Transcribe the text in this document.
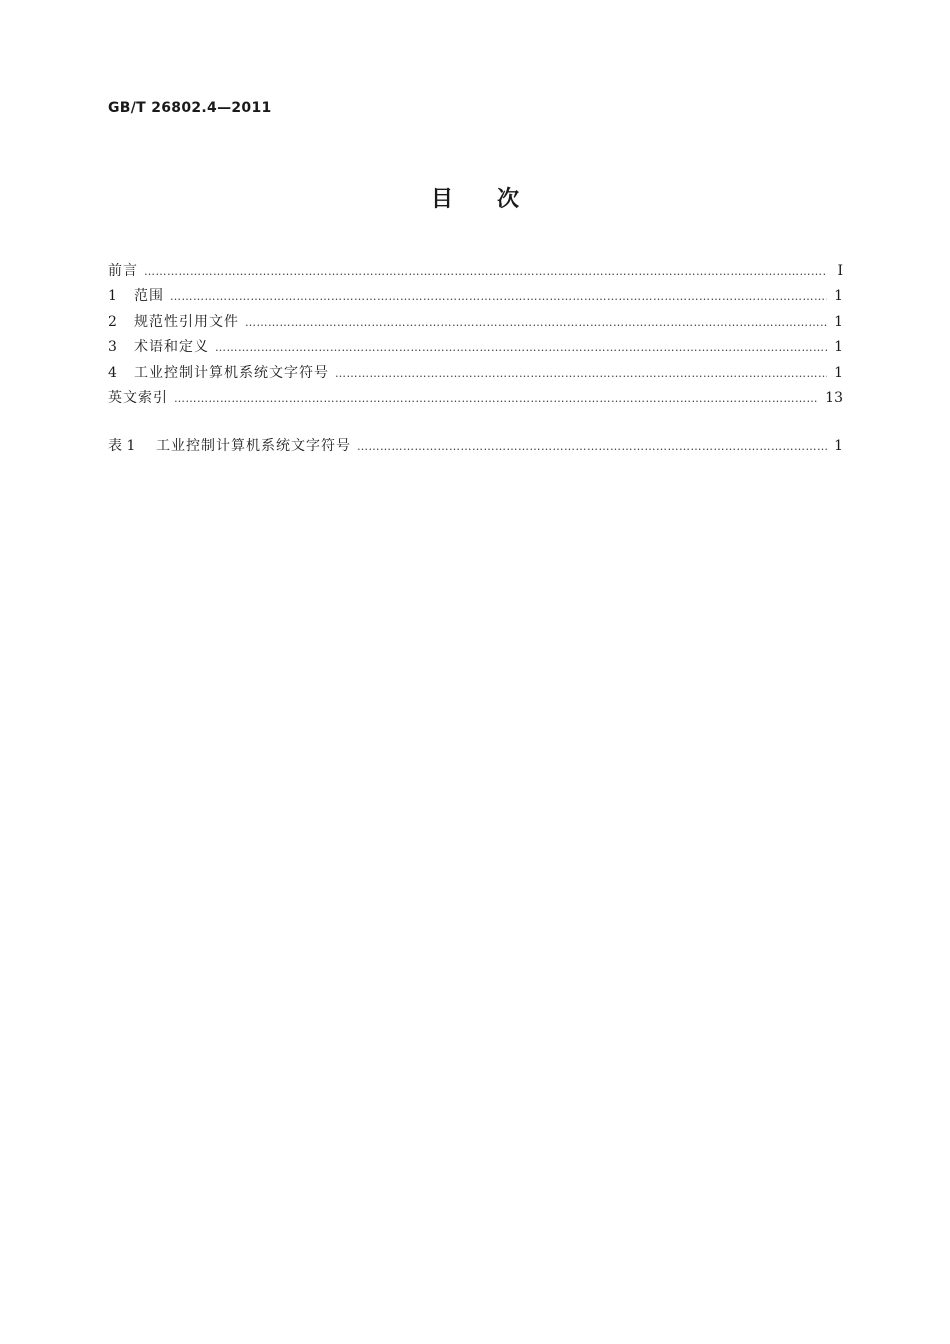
GB/T 26802.4—2011
目次
前言 ……………………………………………………………………………………………………………………………………………………………………………………………………………………	Ⅰ
1	范围 ……………………………………………………………………………………………………………………………………………………………………………………………………………………	1
2	规范性引用文件 ……………………………………………………………………………………………………………………………………………………………………………………………………………………	1
3	术语和定义 ……………………………………………………………………………………………………………………………………………………………………………………………………………………	1
4	工业控制计算机系统文字符号 ……………………………………………………………………………………………………………………………………………………………………………………………………………………	1
英文索引 ……………………………………………………………………………………………………………………………………………………………………………………………………………………	13
表 1	工业控制计算机系统文字符号 ……………………………………………………………………………………………………………………………………………………………………………………………………………………	1
